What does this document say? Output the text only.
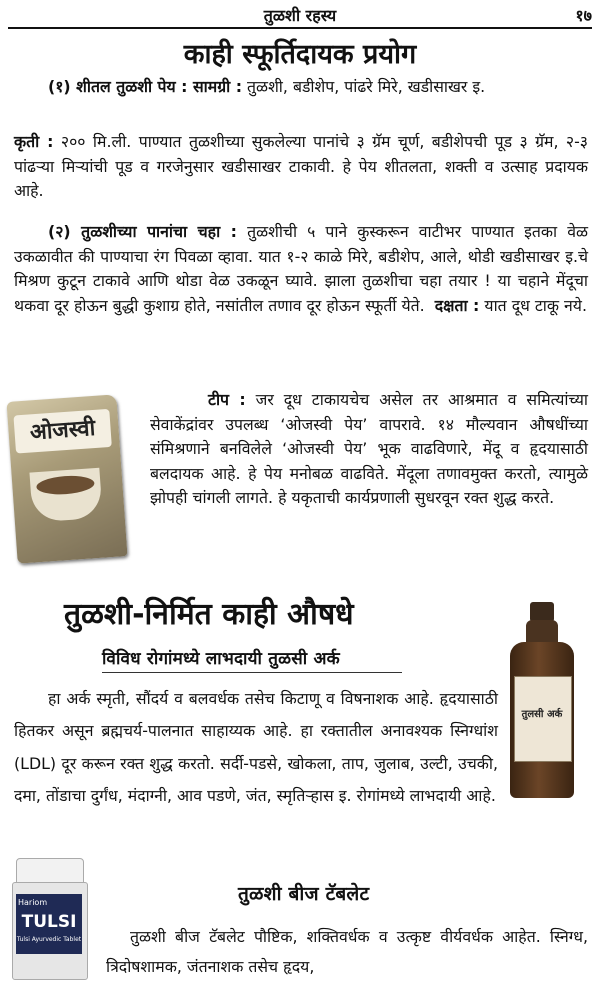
तुळशी रहस्य	१७
काही स्फूर्तिदायक प्रयोग

(१) शीतल तुळशी पेय : सामग्री : तुळशी, बडीशेप, पांढरे मिरे, खडीसाखर इ.

कृती : २०० मि.ली. पाण्यात तुळशीच्या सुकलेल्या पानांचे ३ ग्रॅम चूर्ण, बडीशेपची पूड ३ ग्रॅम, २-३ पांढऱ्या मिऱ्यांची पूड व गरजेनुसार खडीसाखर टाकावी. हे पेय शीतलता, शक्ती व उत्साह प्रदायक आहे.

(२) तुळशीच्या पानांचा चहा : तुळशीची ५ पाने कुस्करून वाटीभर पाण्यात इतका वेळ उकळावीत की पाण्याचा रंग पिवळा व्हावा. यात १-२ काळे मिरे, बडीशेप, आले, थोडी खडीसाखर इ.चे मिश्रण कुटून टाकावे आणि थोडा वेळ उकळून घ्यावे. झाला तुळशीचा चहा तयार ! या चहाने मेंदूचा थकवा दूर होऊन बुद्धी कुशाग्र होते, नसांतील तणाव दूर होऊन स्फूर्ती येते. दक्षता : यात दूध टाकू नये.

ओजस्वी

टीप : जर दूध टाकायचेच असेल तर आश्रमात व समित्यांच्या सेवाकेंद्रांवर उपलब्ध ‘ओजस्वी पेय’ वापरावे. १४ मौल्यवान औषधींच्या संमिश्रणाने बनविलेले ‘ओजस्वी पेय’ भूक वाढविणारे, मेंदू व हृदयासाठी बलदायक आहे. हे पेय मनोबळ वाढविते. मेंदूला तणावमुक्त करतो, त्यामुळे झोपही चांगली लागते. हे यकृताची कार्यप्रणाली सुधरवून रक्त शुद्ध करते.

तुळशी-निर्मित काही औषधे
विविध रोगांमध्ये लाभदायी तुळसी अर्क

हा अर्क स्मृती, सौंदर्य व बलवर्धक तसेच किटाणू व विषनाशक आहे. हृदयासाठी हितकर असून ब्रह्मचर्य-पालनात साहाय्यक आहे. हा रक्तातील अनावश्यक स्निग्धांश (LDL) दूर करून रक्त शुद्ध करतो. सर्दी-पडसे, खोकला, ताप, जुलाब, उल्टी, उचकी, दमा, तोंडाचा दुर्गंध, मंदाग्नी, आव पडणे, जंत, स्मृतिऱ्हास इ. रोगांमध्ये लाभदायी आहे.

तुलसी अर्क
Hariom
TULSI
Tulsi Ayurvedic Tablet
तुळशी बीज टॅबलेट

तुळशी बीज टॅबलेट पौष्टिक, शक्तिवर्धक व उत्कृष्ट वीर्यवर्धक आहेत. स्निग्ध, त्रिदोषशामक, जंतनाशक तसेच हृदय,
